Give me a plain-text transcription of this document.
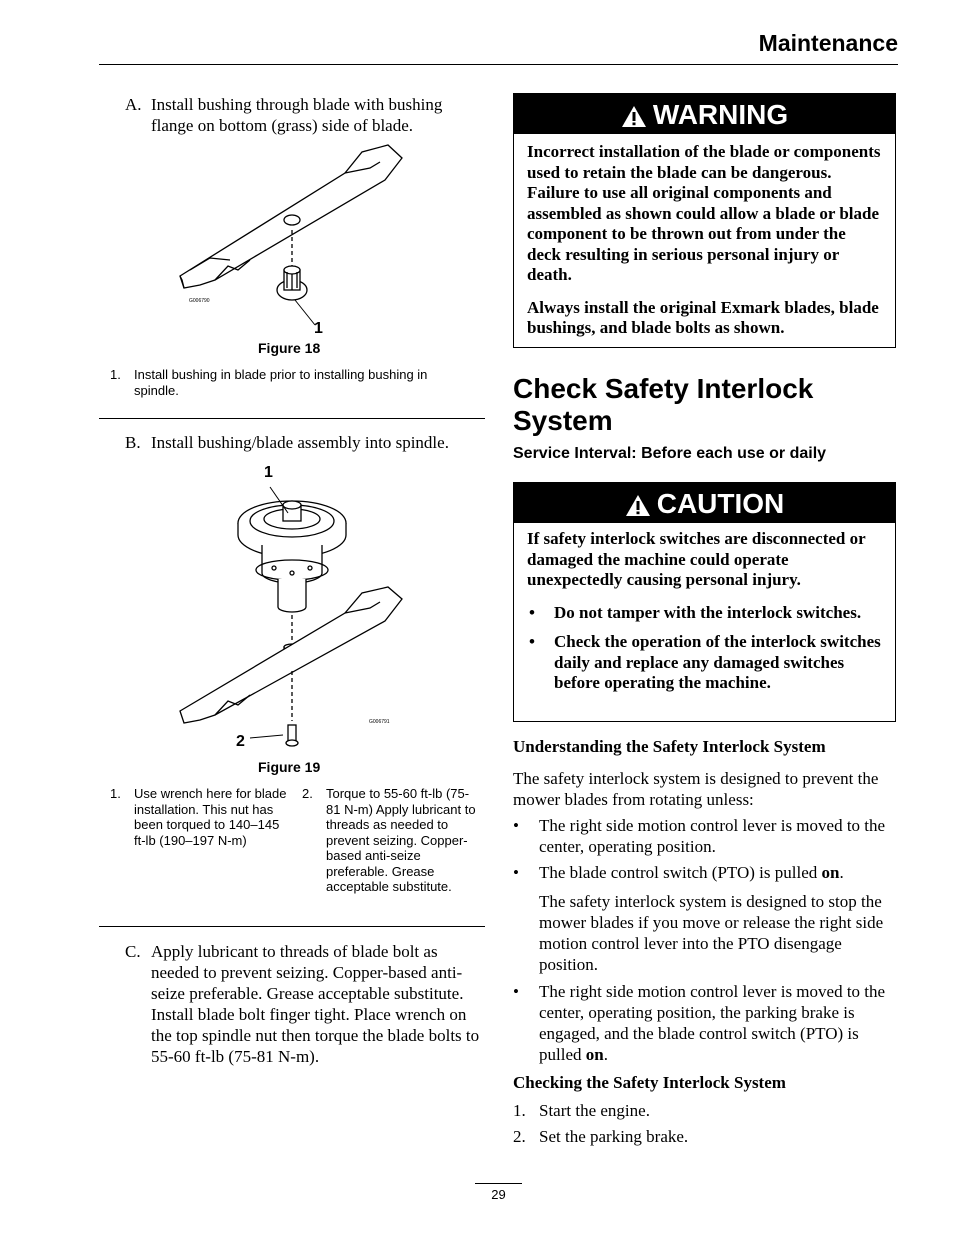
Maintenance
A. Install bushing through blade with bushing flange on bottom (grass) side of blade.
G006790
1
Figure 18
1. Install bushing in blade prior to installing bushing in spindle.
B. Install bushing/blade assembly into spindle.
1
2
G006791
Figure 19
1. Use wrench here for blade installation. This nut has been torqued to 140–145 ft-lb (190–197 N-m)
2. Torque to 55-60 ft-lb (75-81 N-m) Apply lubricant to threads as needed to prevent seizing. Copper-based anti-seize preferable. Grease acceptable substitute.
C. Apply lubricant to threads of blade bolt as needed to prevent seizing. Copper-based anti-seize preferable. Grease acceptable substitute. Install blade bolt finger tight. Place wrench on the top spindle nut then torque the blade bolts to 55-60 ft-lb (75-81 N-m).
WARNING

Incorrect installation of the blade or components used to retain the blade can be dangerous. Failure to use all original components and assembled as shown could allow a blade or blade component to be thrown out from under the deck resulting in serious personal injury or death.

Always install the original Exmark blades, blade bushings, and blade bolts as shown.

Check Safety Interlock System
Service Interval: Before each use or daily
CAUTION

If safety interlock switches are disconnected or damaged the machine could operate unexpectedly causing personal injury.

• Do not tamper with the interlock switches.
• Check the operation of the interlock switches daily and replace any damaged switches before operating the machine.
Understanding the Safety Interlock System
The safety interlock system is designed to prevent the mower blades from rotating unless:
• The right side motion control lever is moved to the center, operating position.
• The blade control switch (PTO) is pulled on.
The safety interlock system is designed to stop the mower blades if you move or release the right side motion control lever into the PTO disengage position.
• The right side motion control lever is moved to the center, operating position, the parking brake is engaged, and the blade control switch (PTO) is pulled on.
Checking the Safety Interlock System
1. Start the engine.
2. Set the parking brake.
29
